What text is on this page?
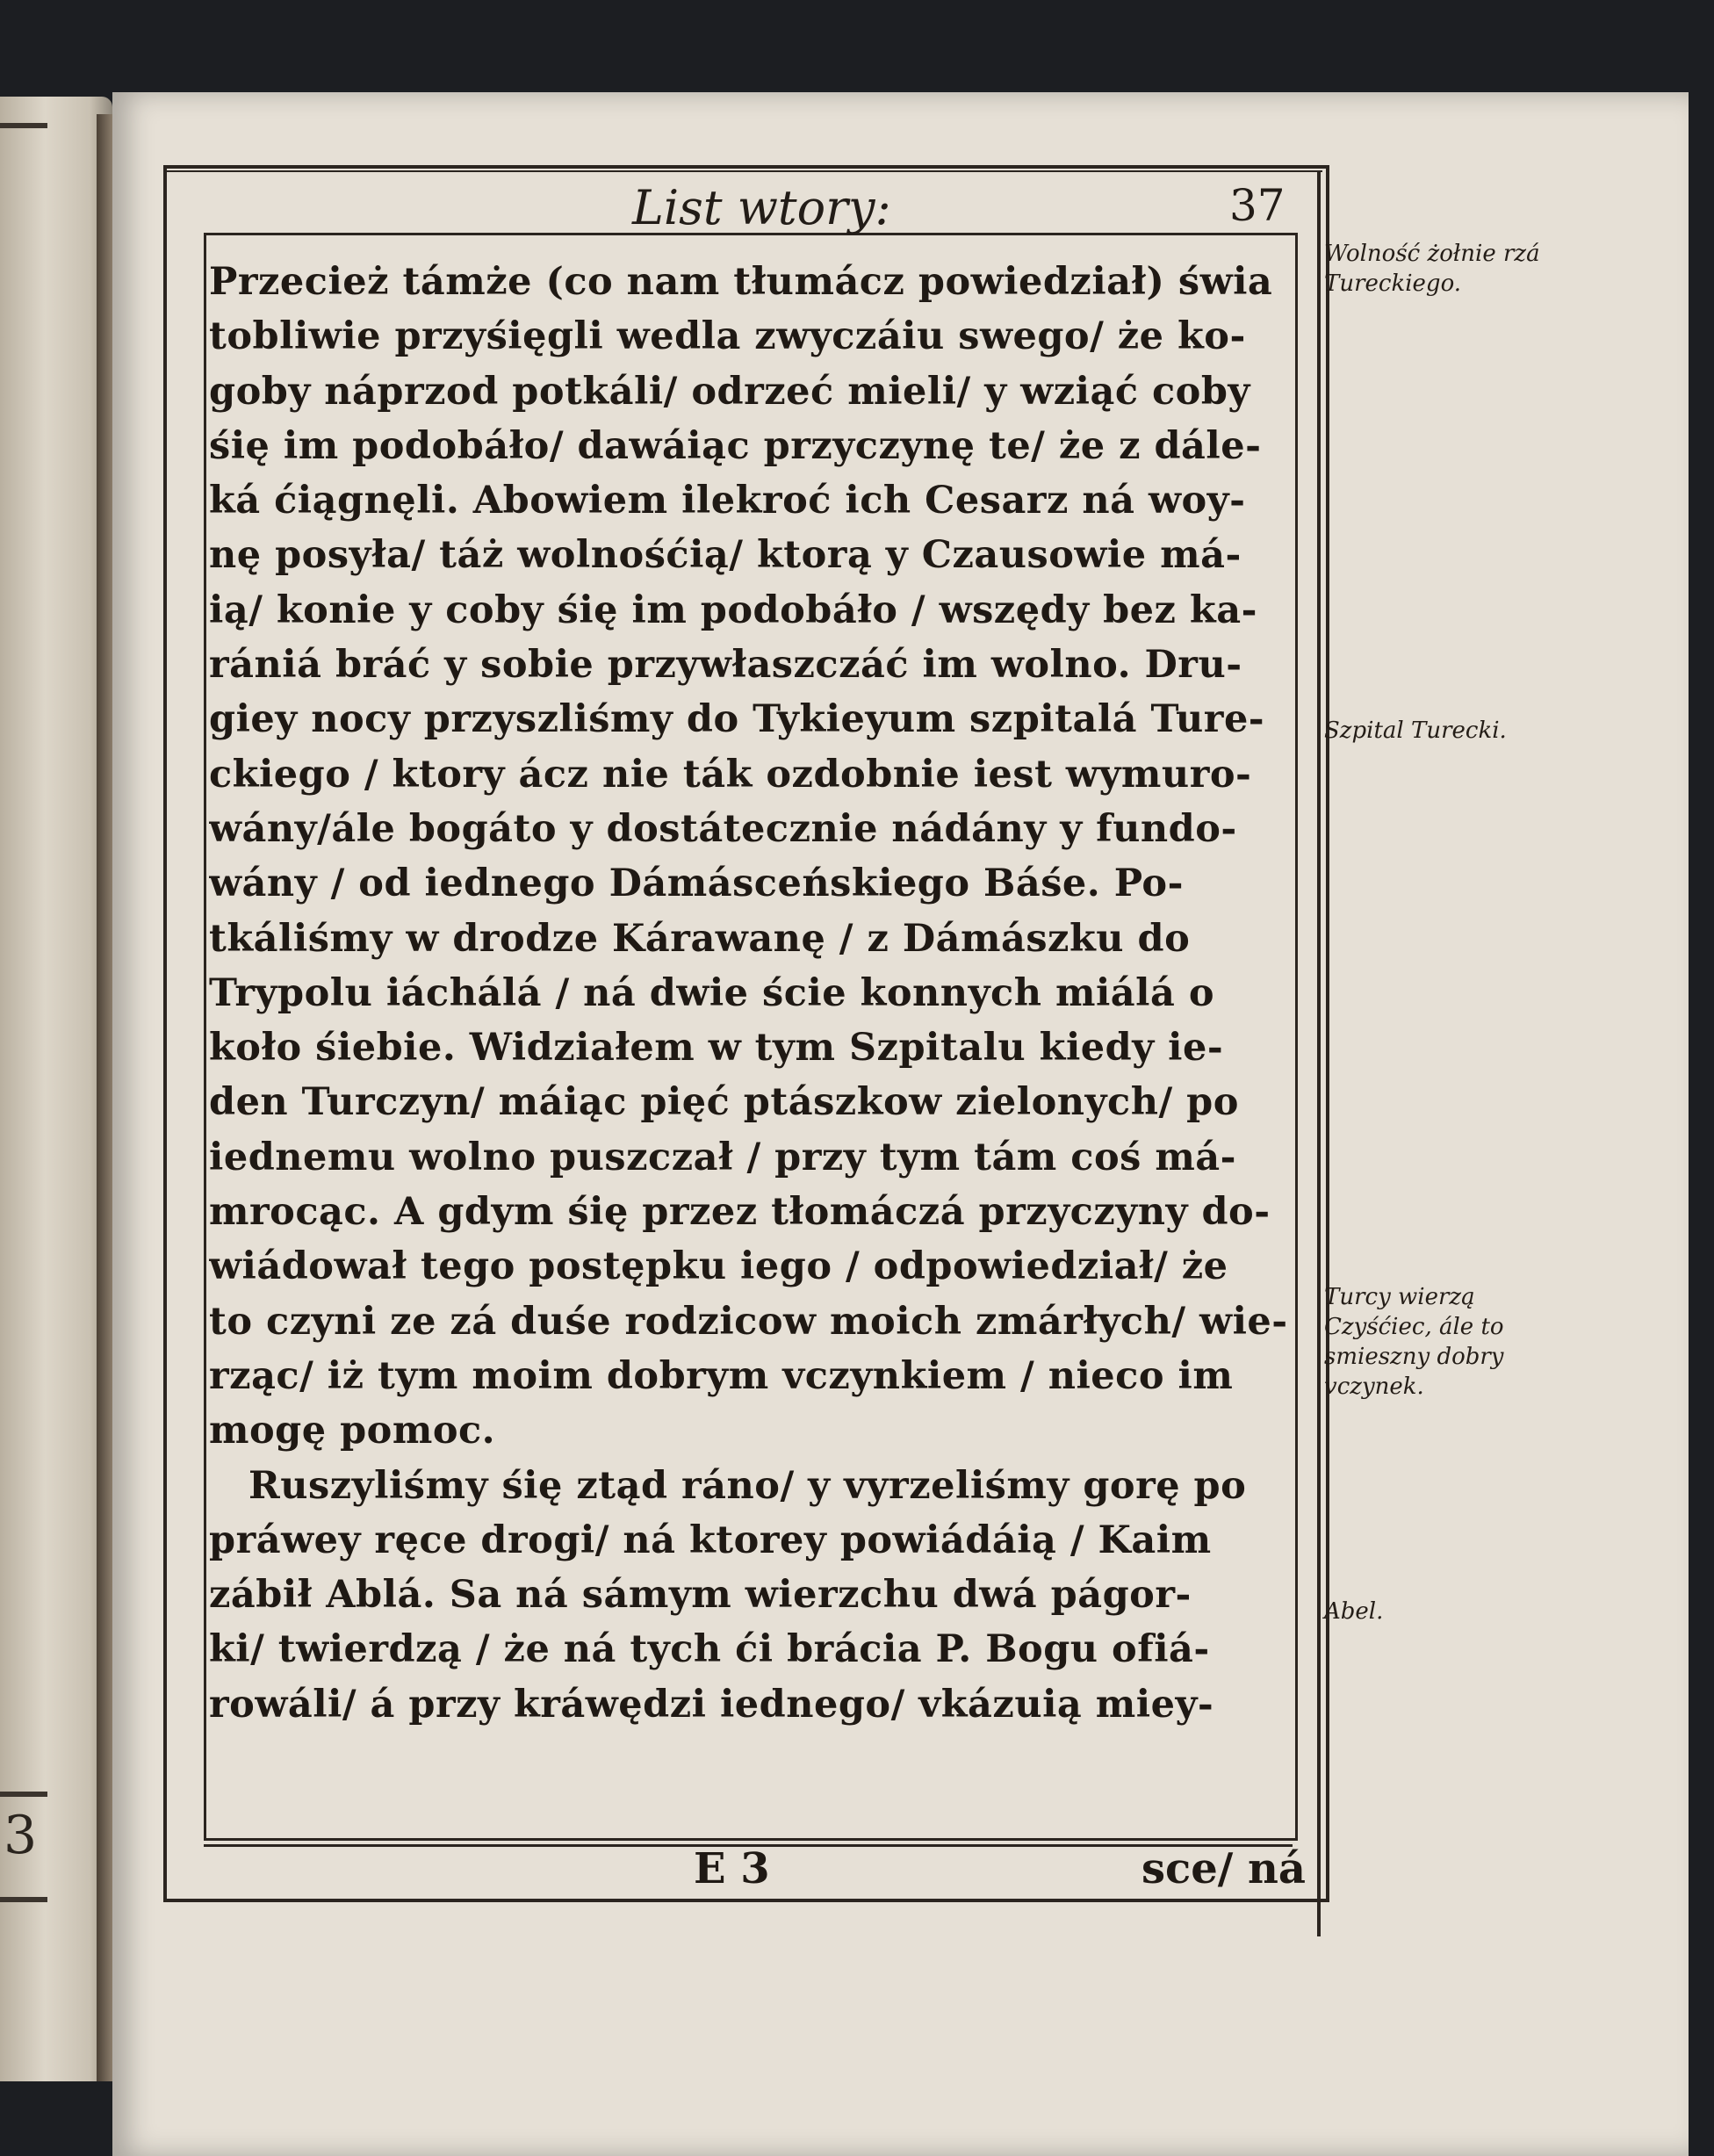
3
List wtory:	37
Przecież támże (co nam tłumácz powiedział) świa
tobliwie przyśięgli wedla zwyczáiu swego/ że ko-
goby náprzod potkáli/ odrzeć mieli/ y wziąć coby
śię im podobáło/ dawáiąc przyczynę te/ że z dále-
ká ćiągnęli. Abowiem ilekroć ich Cesarz ná woy-
nę posyła/ táż wolnośćią/ ktorą y Czausowie má-
ią/ konie y coby śię im podobáło / wszędy bez ka-
rániá bráć y sobie przywłaszczáć im wolno. Dru-
giey nocy przyszliśmy do Tykieyum szpitalá Ture-
ckiego / ktory ácz nie ták ozdobnie iest wymuro-
wány/ále bogáto y dostátecznie nádány y fundo-
wány / od iednego Dámásceńskiego Báśe. Po-
tkáliśmy w drodze Kárawanę / z Dámászku do
Trypolu iáchálá / ná dwie ście konnych miálá o
koło śiebie. Widziałem w tym Szpitalu kiedy ie-
den Turczyn/ máiąc pięć ptászkow zielonych/ po
iednemu wolno puszczał / przy tym tám coś má-
mrocąc. A gdym śię przez tłomáczá przyczyny do-
wiádował tego postępku iego / odpowiedział/ że
to czyni ze zá duśe rodzicow moich zmárłych/ wie-
rząc/ iż tym moim dobrym vczynkiem / nieco im
mogę pomoc.
Ruszyliśmy śię ztąd ráno/ y vyrzeliśmy gorę po
práwey ręce drogi/ ná ktorey powiádáią / Kaim
zábił Ablá. Sa ná sámym wierzchu dwá págor-
ki/ twierdzą / że ná tych ći brácia P. Bogu ofiá-
rowáli/ á przy kráwędzi iednego/ vkázuią miey-
E 3	sce/ ná
Wolność żołnie rzá Tureckiego.
Szpital Turecki.
Turcy wierzą Czyśćiec, ále to smieszny dobry vczynek.
Abel.
